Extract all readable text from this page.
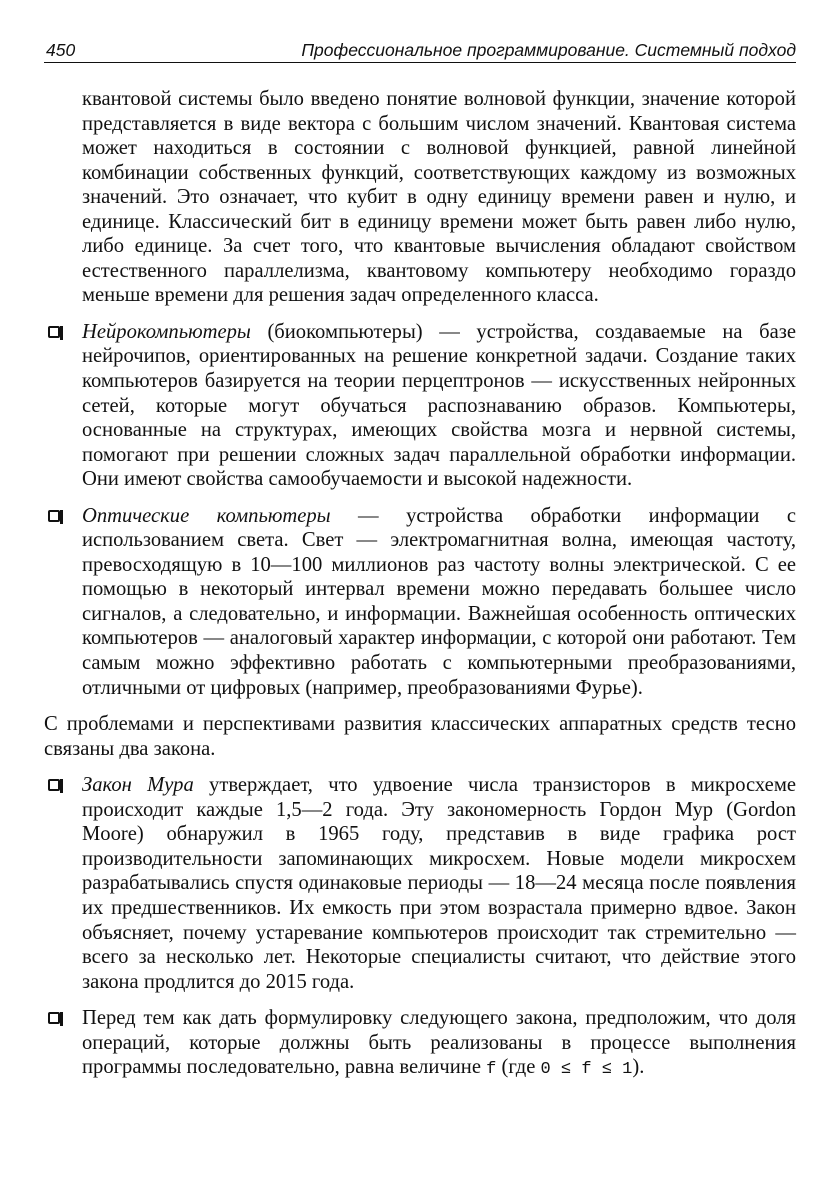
450	Профессиональное программирование. Системный подход

квантовой системы было введено понятие волновой функции, значение которой представляется в виде вектора с большим числом значений. Квантовая система может находиться в состоянии с волновой функцией, равной линейной комбинации собственных функций, соответствующих каждому из возможных значений. Это означает, что кубит в одну единицу времени равен и нулю, и единице. Классический бит в единицу времени может быть равен либо нулю, либо единице. За счет того, что квантовые вычисления обладают свойством естественного параллелизма, квантовому компьютеру необходимо гораздо меньше времени для решения задач определенного класса.

Нейрокомпьютеры (биокомпьютеры) — устройства, создаваемые на базе нейрочипов, ориентированных на решение конкретной задачи. Создание таких компьютеров базируется на теории перцептронов — искусственных нейронных сетей, которые могут обучаться распознаванию образов. Компьютеры, основанные на структурах, имеющих свойства мозга и нервной системы, помогают при решении сложных задач параллельной обработки информации. Они имеют свойства самообучаемости и высокой надежности.
Оптические компьютеры — устройства обработки информации с использованием света. Свет — электромагнитная волна, имеющая частоту, превосходящую в 10—100 миллионов раз частоту волны электрической. С ее помощью в некоторый интервал времени можно передавать большее число сигналов, а следовательно, и информации. Важнейшая особенность оптических компьютеров — аналоговый характер информации, с которой они работают. Тем самым можно эффективно работать с компьютерными преобразованиями, отличными от цифровых (например, преобразованиями Фурье).

С проблемами и перспективами развития классических аппаратных средств тесно связаны два закона.

Закон Мура утверждает, что удвоение числа транзисторов в микросхеме происходит каждые 1,5—2 года. Эту закономерность Гордон Мур (Gordon Moore) обнаружил в 1965 году, представив в виде графика рост производительности запоминающих микросхем. Новые модели микросхем разрабатывались спустя одинаковые периоды — 18—24 месяца после появления их предшественников. Их емкость при этом возрастала примерно вдвое. Закон объясняет, почему устаревание компьютеров происходит так стремительно — всего за несколько лет. Некоторые специалисты считают, что действие этого закона продлится до 2015 года.
Перед тем как дать формулировку следующего закона, предположим, что доля операций, которые должны быть реализованы в процессе выполнения программы последовательно, равна величине f (где 0 ≤ f ≤ 1).
